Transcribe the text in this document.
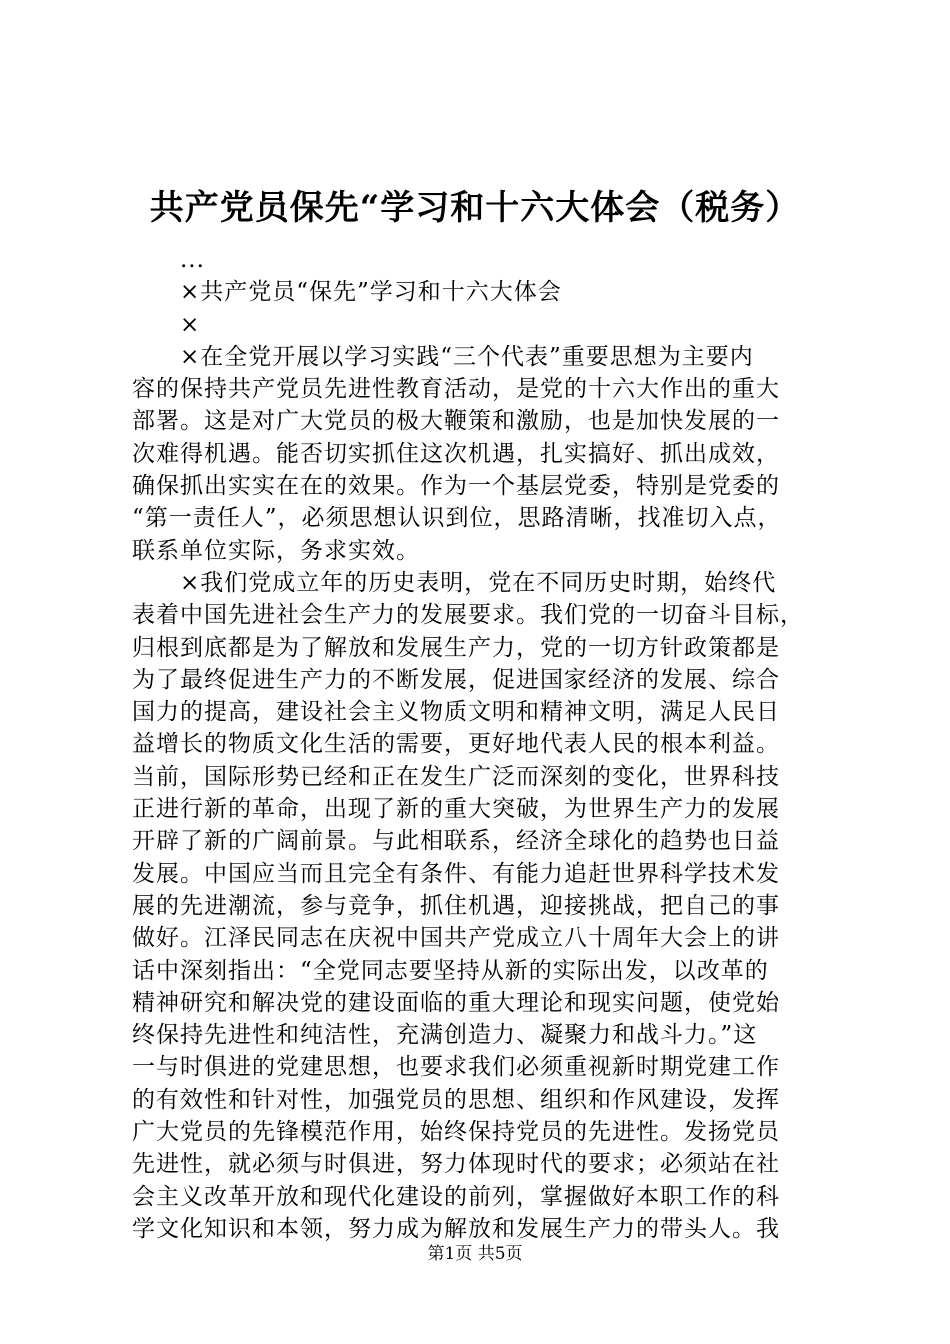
共产党员保先“学习和十六大体会（税务）
...
×共产党员“保先”学习和十六大体会
×
×在全党开展以学习实践“三个代表”重要思想为主要内
容的保持共产党员先进性教育活动，是党的十六大作出的重大
部署。这是对广大党员的极大鞭策和激励，也是加快发展的一
次难得机遇。能否切实抓住这次机遇，扎实搞好、抓出成效，
确保抓出实实在在的效果。作为一个基层党委，特别是党委的
“第一责任人”，必须思想认识到位，思路清晰，找准切入点，
联系单位实际，务求实效。
×我们党成立年的历史表明，党在不同历史时期，始终代
表着中国先进社会生产力的发展要求。我们党的一切奋斗目标，
归根到底都是为了解放和发展生产力，党的一切方针政策都是
为了最终促进生产力的不断发展，促进国家经济的发展、综合
国力的提高，建设社会主义物质文明和精神文明，满足人民日
益增长的物质文化生活的需要，更好地代表人民的根本利益。
当前，国际形势已经和正在发生广泛而深刻的变化，世界科技
正进行新的革命，出现了新的重大突破，为世界生产力的发展
开辟了新的广阔前景。与此相联系，经济全球化的趋势也日益
发展。中国应当而且完全有条件、有能力追赶世界科学技术发
展的先进潮流，参与竞争，抓住机遇，迎接挑战，把自己的事
做好。江泽民同志在庆祝中国共产党成立八十周年大会上的讲
话中深刻指出：“全党同志要坚持从新的实际出发，以改革的
精神研究和解决党的建设面临的重大理论和现实问题，使党始
终保持先进性和纯洁性，充满创造力、凝聚力和战斗力。”这
一与时俱进的党建思想，也要求我们必须重视新时期党建工作
的有效性和针对性，加强党员的思想、组织和作风建设，发挥
广大党员的先锋模范作用，始终保持党员的先进性。发扬党员
先进性，就必须与时俱进，努力体现时代的要求；必须站在社
会主义改革开放和现代化建设的前列，掌握做好本职工作的科
学文化知识和本领，努力成为解放和发展生产力的带头人。我
第1页 共5页
